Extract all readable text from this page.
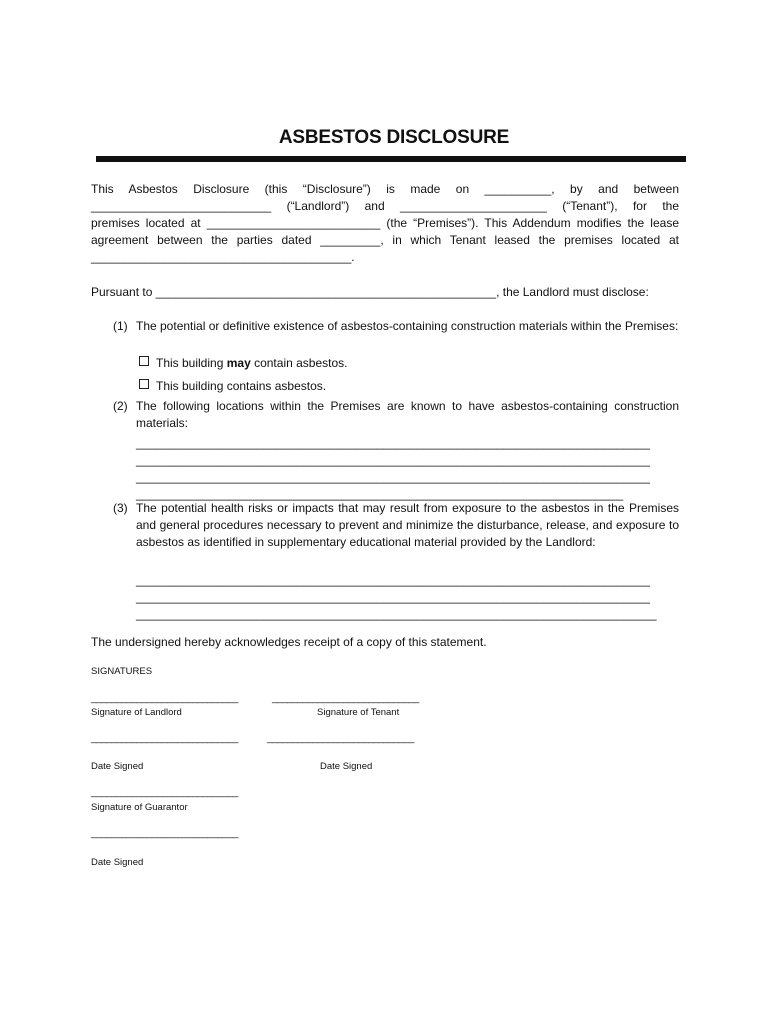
ASBESTOS DISCLOSURE
This Asbestos Disclosure (this “Disclosure”) is made on __________, by and between
___________________________ (“Landlord”) and ______________________ (“Tenant”), for the
premises located at __________________________ (the “Premises”). This Addendum modifies the lease
agreement between the parties dated _________, in which Tenant leased the premises located at
_______________________________________.
Pursuant to ___________________________________________________, the Landlord must disclose:
(1) The potential or definitive existence of asbestos-containing construction materials within the Premises:
This building may contain asbestos.
This building contains asbestos.
(2) The following locations within the Premises are known to have asbestos-containing construction materials:
_____________________________________________________________________________
_____________________________________________________________________________
_____________________________________________________________________________
_________________________________________________________________________
(3) The potential health risks or impacts that may result from exposure to the asbestos in the Premises and general procedures necessary to prevent and minimize the disturbance, release, and exposure to asbestos as identified in supplementary educational material provided by the Landlord:
_____________________________________________________________________________
_____________________________________________________________________________
______________________________________________________________________________
The undersigned hereby acknowledges receipt of a copy of this statement.
SIGNATURES
_____________________________	_____________________________
Signature of Landlord	Signature of Tenant
_____________________________	_____________________________
Date Signed	Date Signed
_____________________________
Signature of Guarantor
_____________________________
Date Signed
